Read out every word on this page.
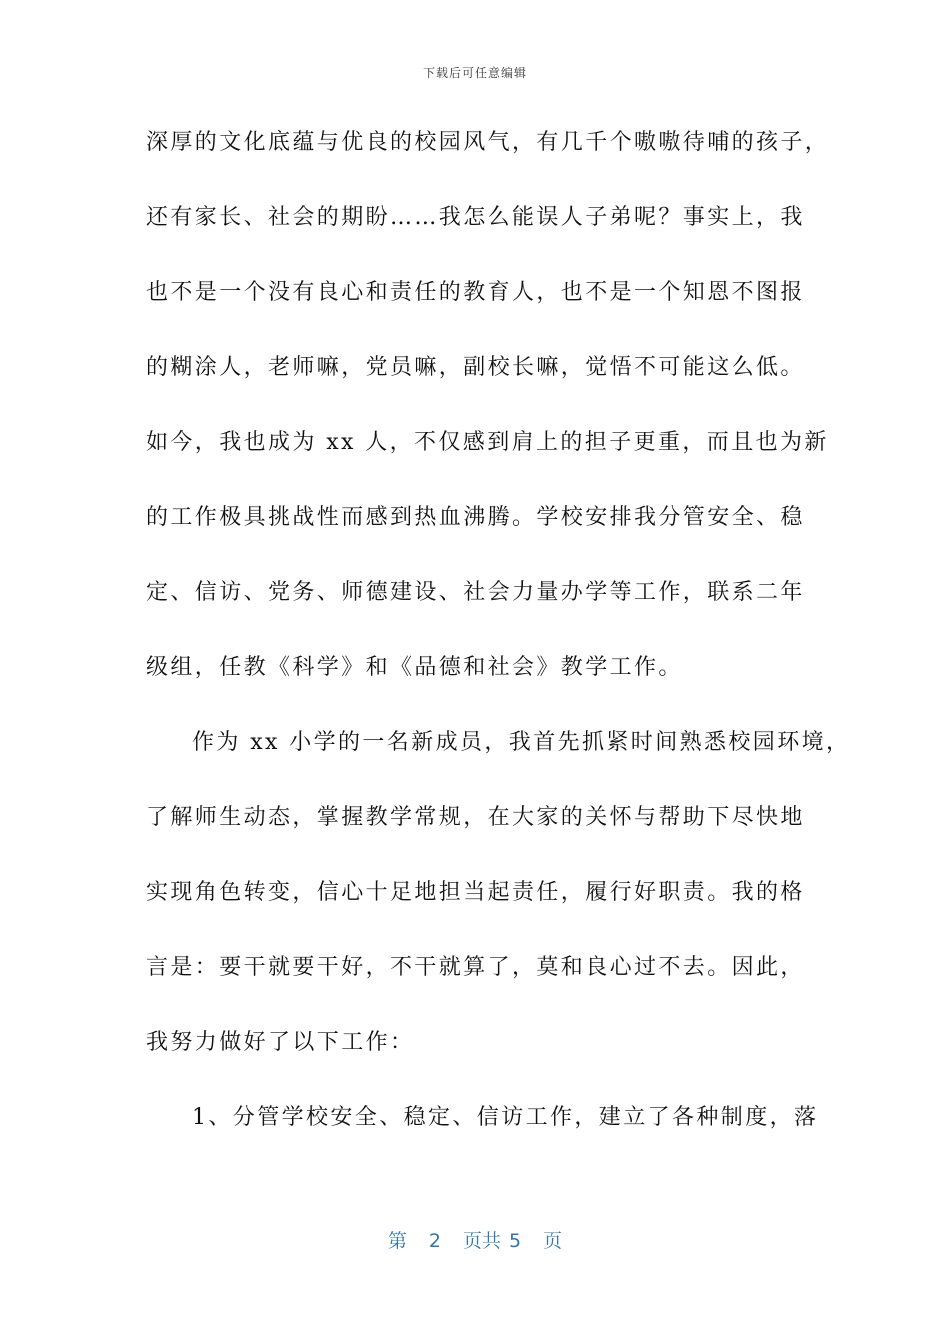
下载后可任意编辑
深厚的文化底蕴与优良的校园风气，有几千个嗷嗷待哺的孩子，
还有家长、社会的期盼……我怎么能误人子弟呢？事实上，我
也不是一个没有良心和责任的教育人，也不是一个知恩不图报
的糊涂人，老师嘛，党员嘛，副校长嘛，觉悟不可能这么低。
如今，我也成为 xx 人，不仅感到肩上的担子更重，而且也为新
的工作极具挑战性而感到热血沸腾。学校安排我分管安全、稳
定、信访、党务、师德建设、社会力量办学等工作，联系二年
级组，任教《科学》和《品德和社会》教学工作。
作为 xx 小学的一名新成员，我首先抓紧时间熟悉校园环境，
了解师生动态，掌握教学常规，在大家的关怀与帮助下尽快地
实现角色转变，信心十足地担当起责任，履行好职责。我的格
言是：要干就要干好，不干就算了，莫和良心过不去。因此，
我努力做好了以下工作：
1、分管学校安全、稳定、信访工作，建立了各种制度，落
第 2 页共 5 页
